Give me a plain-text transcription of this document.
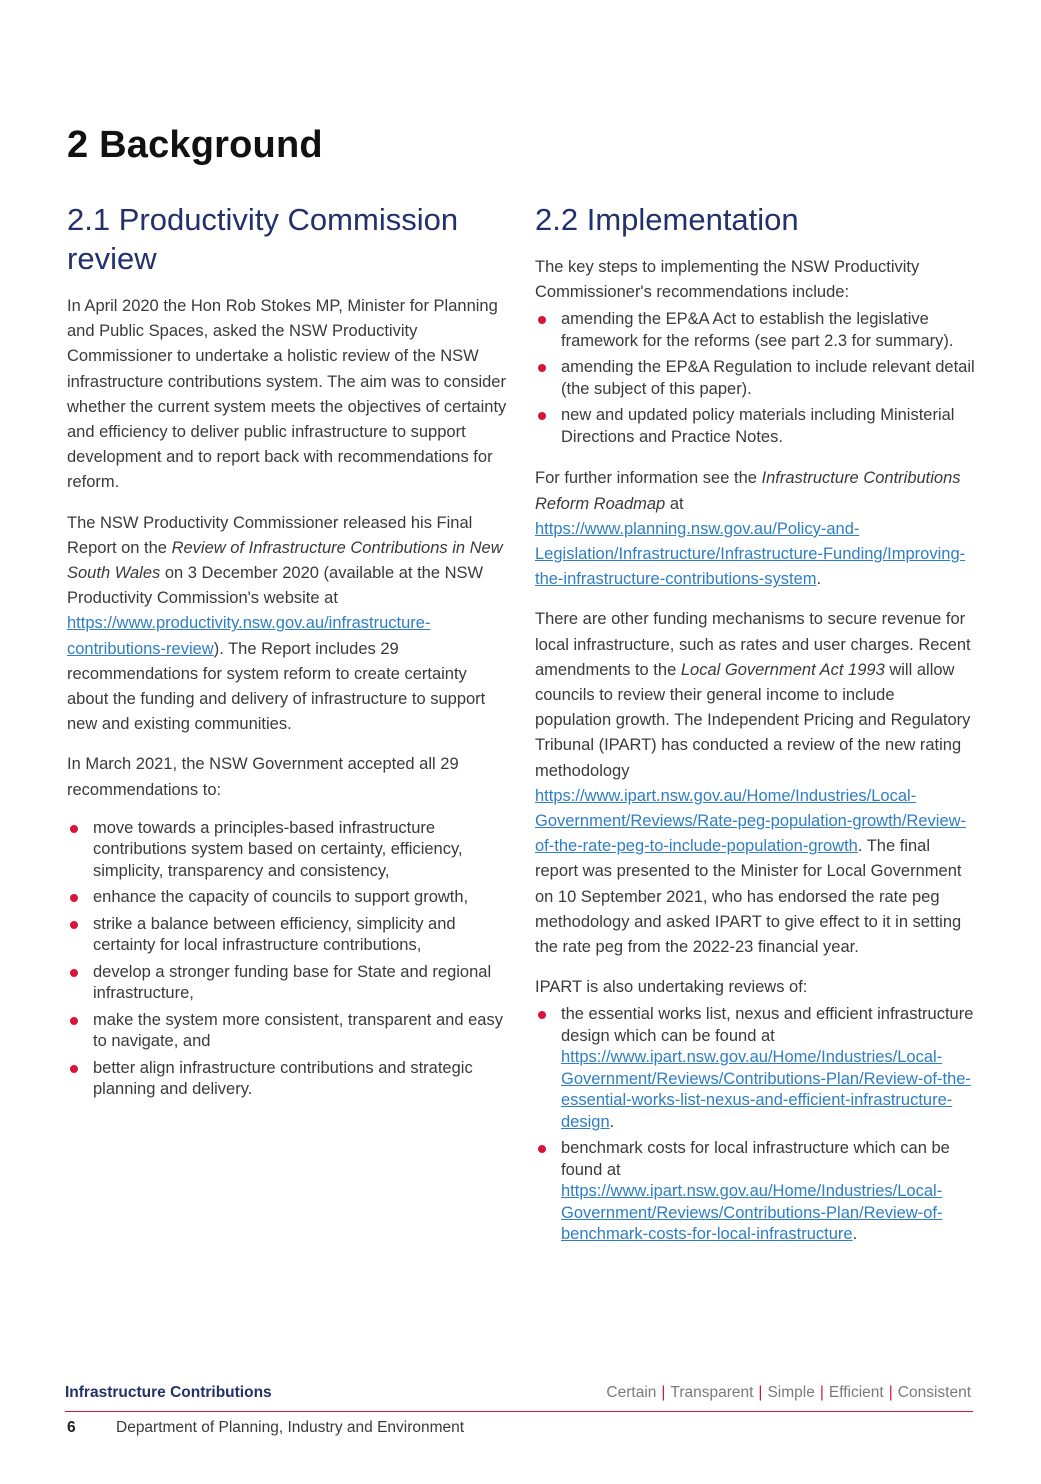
2 Background
2.1 Productivity Commission review

In April 2020 the Hon Rob Stokes MP, Minister for Planning and Public Spaces, asked the NSW Productivity Commissioner to undertake a holistic review of the NSW infrastructure contributions system. The aim was to consider whether the current system meets the objectives of certainty and efficiency to deliver public infrastructure to support development and to report back with recommendations for reform.

The NSW Productivity Commissioner released his Final Report on the Review of Infrastructure Contributions in New South Wales on 3 December 2020 (available at the NSW Productivity Commission's website at https://www.productivity.nsw.gov.au/infrastructure-contributions-review). The Report includes 29 recommendations for system reform to create certainty about the funding and delivery of infrastructure to support new and existing communities.

In March 2021, the NSW Government accepted all 29 recommendations to:

move towards a principles-based infrastructure contributions system based on certainty, efficiency, simplicity, transparency and consistency,
enhance the capacity of councils to support growth,
strike a balance between efficiency, simplicity and certainty for local infrastructure contributions,
develop a stronger funding base for State and regional infrastructure,
make the system more consistent, transparent and easy to navigate, and
better align infrastructure contributions and strategic planning and delivery.
2.2 Implementation

The key steps to implementing the NSW Productivity Commissioner's recommendations include:

amending the EP&A Act to establish the legislative framework for the reforms (see part 2.3 for summary).
amending the EP&A Regulation to include relevant detail (the subject of this paper).
new and updated policy materials including Ministerial Directions and Practice Notes.

For further information see the Infrastructure Contributions Reform Roadmap at https://www.planning.nsw.gov.au/Policy-and-Legislation/Infrastructure/Infrastructure-Funding/Improving-the-infrastructure-contributions-system.

There are other funding mechanisms to secure revenue for local infrastructure, such as rates and user charges. Recent amendments to the Local Government Act 1993 will allow councils to review their general income to include population growth. The Independent Pricing and Regulatory Tribunal (IPART) has conducted a review of the new rating methodology https://www.ipart.nsw.gov.au/Home/Industries/Local-Government/Reviews/Rate-peg-population-growth/Review-of-the-rate-peg-to-include-population-growth. The final report was presented to the Minister for Local Government on 10 September 2021, who has endorsed the rate peg methodology and asked IPART to give effect to it in setting the rate peg from the 2022-23 financial year.

IPART is also undertaking reviews of:

the essential works list, nexus and efficient infrastructure design which can be found at https://www.ipart.nsw.gov.au/Home/Industries/Local-Government/Reviews/Contributions-Plan/Review-of-the-essential-works-list-nexus-and-efficient-infrastructure-design.
benchmark costs for local infrastructure which can be found at https://www.ipart.nsw.gov.au/Home/Industries/Local-Government/Reviews/Contributions-Plan/Review-of-benchmark-costs-for-local-infrastructure.
Infrastructure Contributions	Certain | Transparent | Simple | Efficient | Consistent
6	Department of Planning, Industry and Environment
